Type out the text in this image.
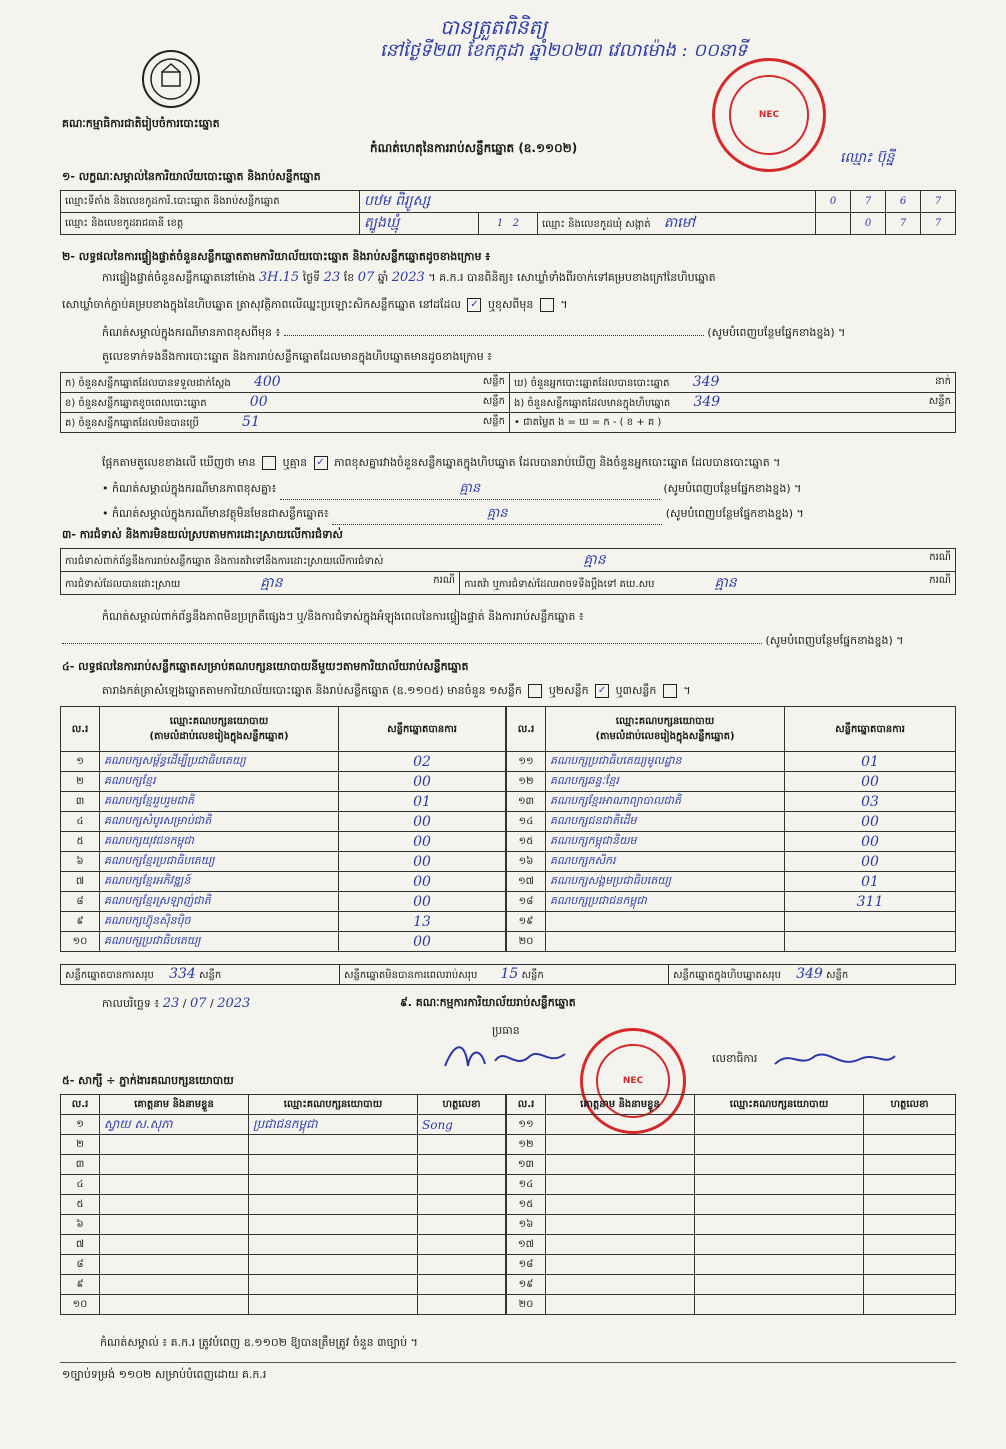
បានត្រួតពិនិត្យ
នៅថ្ងៃទី២៣ ខែកក្កដា ឆ្នាំ២០២៣ វេលាម៉ោង : ០០នាទី
ឈ្មោះ ប៊ុន្នី
NEC
គណៈកម្មាធិការជាតិរៀបចំការបោះឆ្នោត
កំណត់ហេតុនៃការរាប់សន្លឹកឆ្នោត (ឧ.១១០២)
១- លក្ខណៈសម្គាល់នៃការិយាល័យបោះឆ្នោត និងរាប់សន្លឹកឆ្នោត
ឈ្មោះទីតាំង និងលេខកូដការិ.បោះឆ្នោត និងរាប់សន្លឹកឆ្នោត	បឋម ពិរ្យូស្ស			0	7	6	7
ឈ្មោះ និងលេខកូដរាជធានី ខេត្ត	ត្បូងឃ្មុំ	1 2	ឈ្មោះ និងលេខកូដឃុំ សង្កាត់ តាមៅ		0	7	7
២- លទ្ធផលនៃការផ្ទៀងផ្ទាត់ចំនួនសន្លឹកឆ្នោតតាមការិយាល័យបោះឆ្នោត និងរាប់សន្លឹកឆ្នោតដូចខាងក្រោម ៖
ការផ្ទៀងផ្ទាត់ចំនួនសន្លឹកឆ្នោតនៅម៉ោង 3H.15 ថ្ងៃទី 23 ខែ 07 ឆ្នាំ 2023 ។ គ.ក.រ បានពិនិត្យ៖ សោឃ្លាំទាំងពីរចាក់ទៅគម្របខាងក្រៅនៃហិបឆ្នោត
សោឃ្លាំចាក់ភ្ជាប់គម្របខាងក្នុងនៃហិបឆ្នោត ត្រាសុវត្ថិភាពលើឈ្នះប្រឡោះសិកសន្លឹកឆ្នោត នៅដដែល ✓ ឬខុសពីមុន  ។
កំណត់សម្គាល់ក្នុងករណីមានភាពខុសពីមុន ៖	(សូមបំពេញបន្ថែមផ្នែកខាងខ្នង) ។
តួលេខទាក់ទងនឹងការបោះឆ្នោត និងការរាប់សន្លឹកឆ្នោតដែលមានក្នុងហិបឆ្នោតមានដូចខាងក្រោម ៖
ក) ចំនួនសន្លឹកឆ្នោតដែលបានទទួលដាក់ស្តែង 400 សន្លឹក	ឃ) ចំនួនអ្នកបោះឆ្នោតដែលបានបោះឆ្នោត 349 នាក់

ខ) ចំនួនសន្លឹកឆ្នោតខូចពេលបោះឆ្នោត 00 សន្លឹក	ង) ចំនួនសន្លឹកឆ្នោតដែលមានក្នុងហិបឆ្នោត 349 សន្លឹក

គ) ចំនួនសន្លឹកឆ្នោតដែលមិនបានប្រើ 51 សន្លឹក	• ជាតម្លៃត ង = ឃ = ក - ( ខ + គ )
ផ្អែកតាមតួលេខខាងលើ ឃើញថា មាន ឬគ្មាន ✓ ភាពខុសគ្នារវាងចំនួនសន្លឹកឆ្នោតក្នុងហិបឆ្នោត ដែលបានរាប់ឃើញ និងចំនួនអ្នកបោះឆ្នោត ដែលបានបោះឆ្នោត ។
• កំណត់សម្គាល់ក្នុងករណីមានភាពខុសគ្នា៖	គ្មាន	(សូមបំពេញបន្ថែមផ្នែកខាងខ្នង) ។
• កំណត់សម្គាល់ក្នុងករណីមានវត្ថុមិនមែនជាសន្លឹកឆ្នោត៖	គ្មាន	(សូមបំពេញបន្ថែមផ្នែកខាងខ្នង) ។
៣- ការជំទាស់ និងការមិនយល់ស្របតាមការដោះស្រាយលើការជំទាស់
ការជំទាស់ពាក់ព័ន្ធនឹងការរាប់សន្លឹកឆ្នោត និងការតវ៉ាទៅនឹងការដោះស្រាយលើការជំទាស់	គ្មាន	ករណី

ការជំទាស់ដែលបានដោះស្រាយ	គ្មាន	ករណី	ការតវ៉ា ឬការជំទាស់ដែលអាចទទឹងប្តឹងទៅ គឃ.សប	គ្មាន	ករណី
កំណត់សម្គាល់ពាក់ព័ន្ធនឹងភាពមិនប្រក្រតីផ្សេងៗ ឬ/និងការជំទាស់ក្នុងអំឡុងពេលនៃការផ្ទៀងផ្ទាត់ និងការរាប់សន្លឹកឆ្នោត ៖
(សូមបំពេញបន្ថែមផ្នែកខាងខ្នង) ។
៤- លទ្ធផលនៃការរាប់សន្លឹកឆ្នោតសម្រាប់គណបក្សនយោបាយនីមួយៗតាមការិយាល័យរាប់សន្លឹកឆ្នោត
តារាងកត់ត្រាសំឡេងឆ្នោតតាមការិយាល័យបោះឆ្នោត និងរាប់សន្លឹកឆ្នោត (ឧ.១១០៥) មានចំនួន ១សន្លឹក ឬ២សន្លឹក ✓ ឬ៣សន្លឹក  ។
ល.រ	ឈ្មោះគណបក្សនយោបាយ
(តាមលំដាប់លេខរៀងក្នុងសន្លឹកឆ្នោត)	សន្លឹកឆ្នោតបានការ
១	គណបក្សសម្ព័ន្ធដើម្បីប្រជាធិបតេយ្យ	02
២	គណបក្សខ្មែរ	00
៣	គណបក្សខ្មែររួបរួមជាតិ	01
៤	គណបក្សសំបូរសម្រាប់ជាតិ	00
៥	គណបក្សយុវជនកម្ពុជា	00
៦	គណបក្សខ្មែរប្រជាធិបតេយ្យ	00
៧	គណបក្សខ្មែរអភិវឌ្ឍន៍	00
៨	គណបក្សខ្មែរស្រឡាញ់ជាតិ	00
៩	គណបក្សហ៊្វុនស៊ិនប៉ិច	13
១០	គណបក្សប្រជាធិបតេយ្យ	00
ល.រ	ឈ្មោះគណបក្សនយោបាយ
(តាមលំដាប់លេខរៀងក្នុងសន្លឹកឆ្នោត)	សន្លឹកឆ្នោតបានការ
១១	គណបក្សប្រជាធិបតេយ្យមូលដ្ឋាន	01
១២	គណបក្សឆន្ទៈខ្មែរ	00
១៣	គណបក្សខ្មែរអាណាព្យាបាលជាតិ	03
១៤	គណបក្សជនជាតិដើម	00
១៥	គណបក្សកម្ពុជានិយម	00
១៦	គណបក្សកសិករ	00
១៧	គណបក្សសង្គមប្រជាធិបតេយ្យ	01
១៨	គណបក្សប្រជាជនកម្ពុជា	311
១៩		
២០		
សន្លឹកឆ្នោតបានការសរុប 334 សន្លឹក	សន្លឹកឆ្នោតមិនបានការពេលរាប់សរុប 15 សន្លឹក	សន្លឹកឆ្នោតក្នុងហិបឆ្នោតសរុប 349 សន្លឹក
កាលបរិច្ឆេទ ៖ 23 / 07 / 2023	៩. គណៈកម្មការការិយាល័យរាប់សន្លឹកឆ្នោត
ប្រធាន
លេខាធិការ
NEC
៥- សាក្សី ÷ ភ្នាក់ងារគណបក្សនយោបាយ
ល.រ	គោត្តនាម និងនាមខ្លួន	ឈ្មោះគណបក្សនយោបាយ	ហត្ថលេខា
១	ស្វាយ ស.សុភា	ប្រជាជនកម្ពុជា	Song
២			
៣			
៤			
៥			
៦			
៧			
៨			
៩			
១០			
ល.រ	គោត្តនាម និងនាមខ្លួន	ឈ្មោះគណបក្សនយោបាយ	ហត្ថលេខា
១១			
១២			
១៣			
១៤			
១៥			
១៦			
១៧			
១៨			
១៩			
២០			
កំណត់សម្គាល់ ៖ គ.ក.រ ត្រូវបំពេញ ឧ.១១០២ ឱ្យបានត្រឹមត្រូវ ចំនួន ៣ច្បាប់ ។
១ច្បាប់ទម្រង់ ១១០២ សម្រាប់បំពេញដោយ គ.ក.រ
